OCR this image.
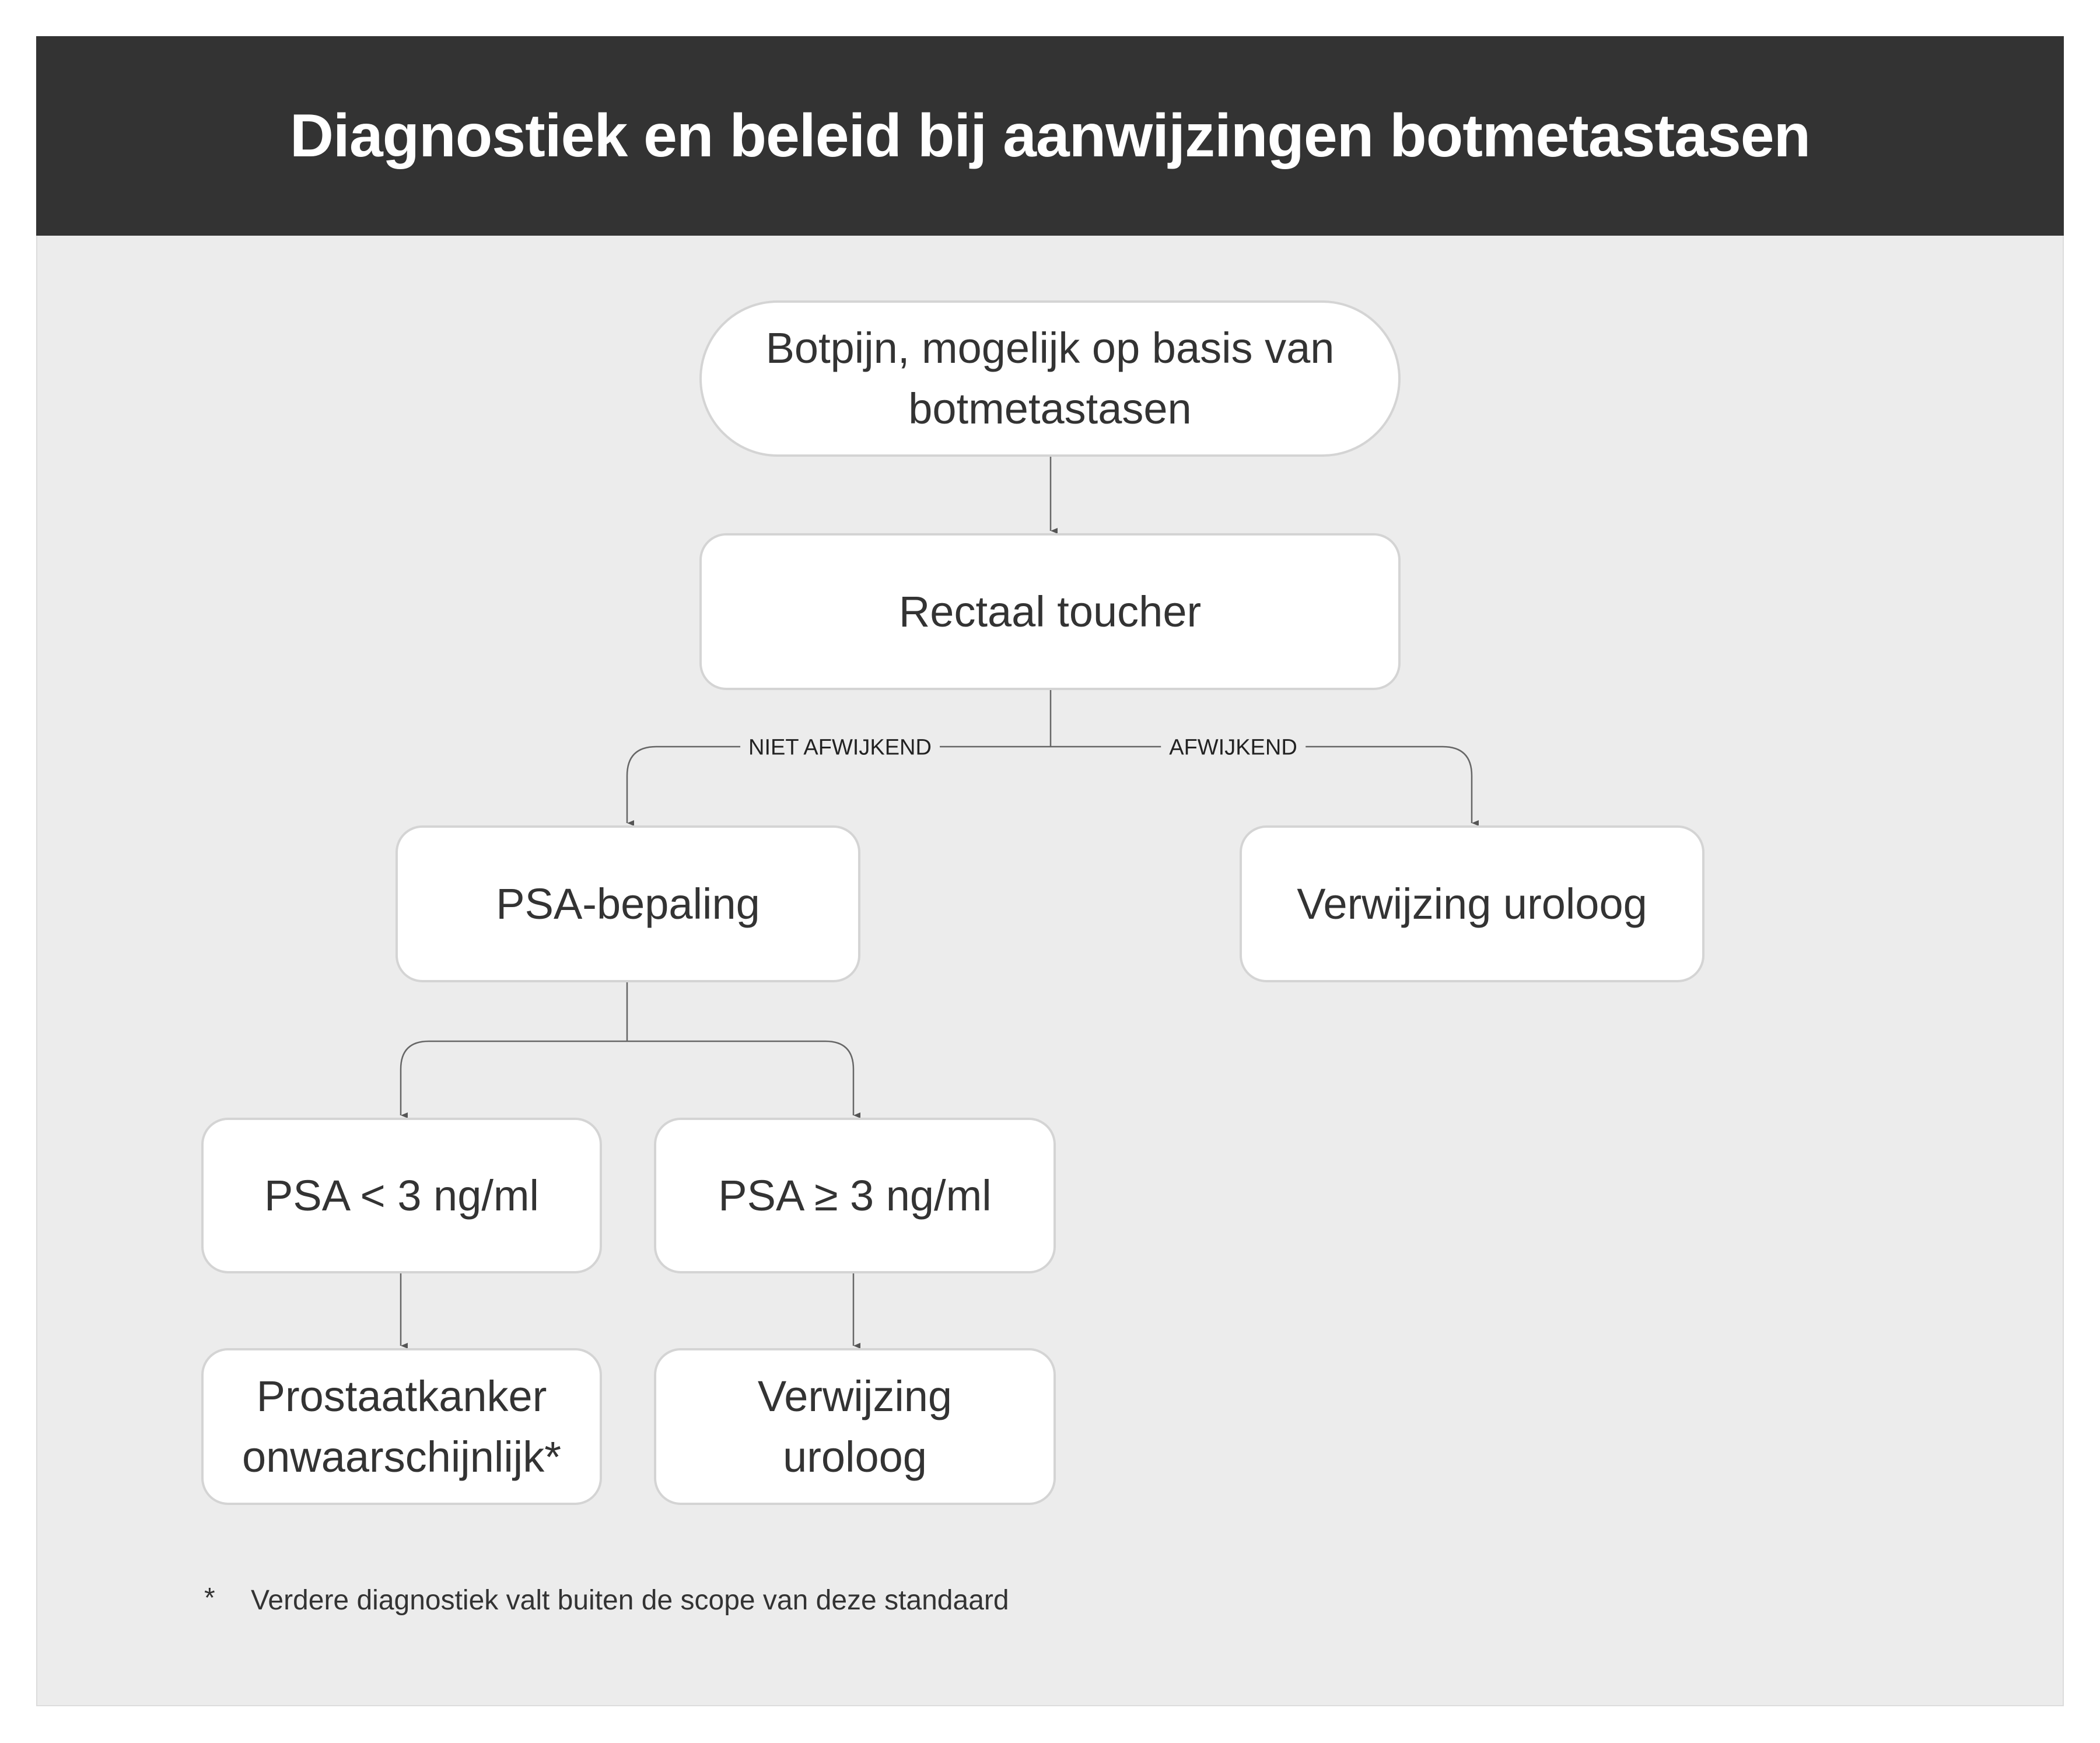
Diagnostiek en beleid bij aanwijzingen botmetastasen
NIET AFWIJKEND	AFWIJKEND
Botpijn, mogelijk op basis van botmetastasen
Rectaal toucher
PSA-bepaling	Verwijzing uroloog
PSA < 3 ng/ml	PSA ≥ 3 ng/ml
Prostaatkanker onwaarschijnlijk*
Verwijzing uroloog
* Verdere diagnostiek valt buiten de scope van deze standaard
